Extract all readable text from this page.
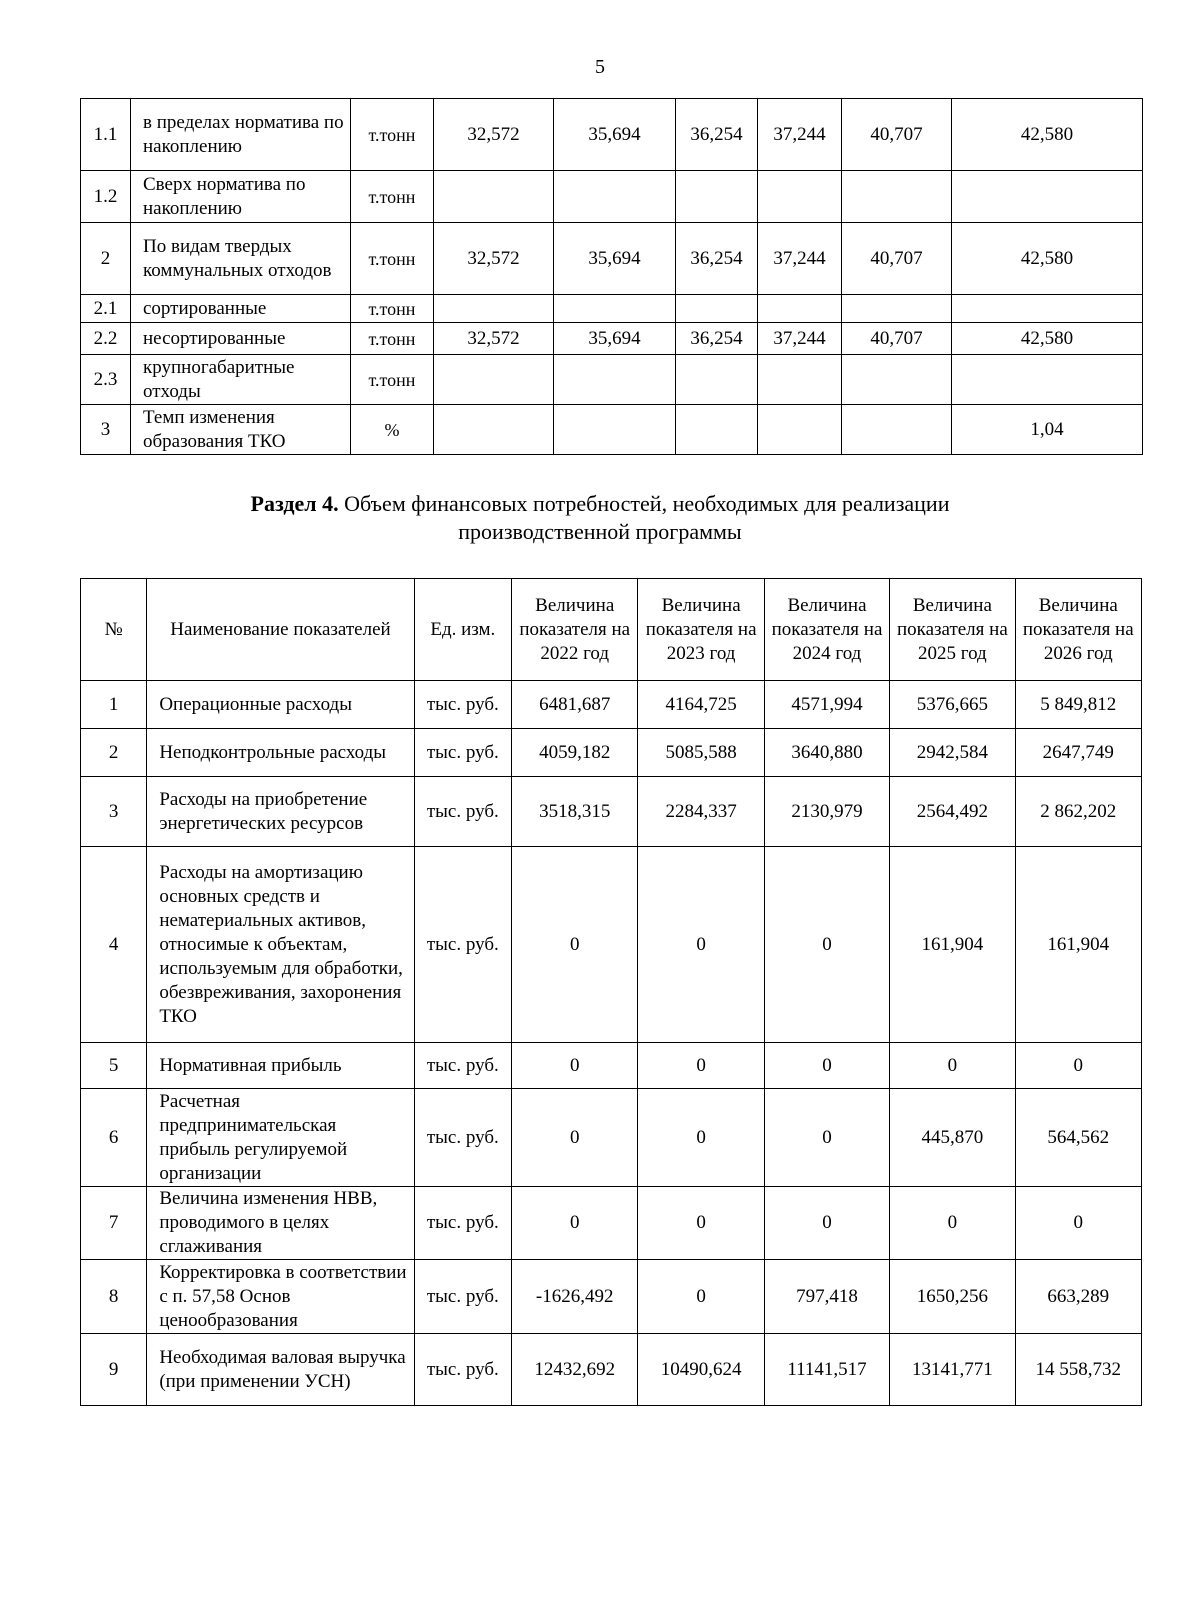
5
1.1	в пределах норматива по накоплению	т.тонн	32,572	35,694	36,254	37,244	40,707	42,580
1.2	Сверх норматива по накоплению	т.тонн						
2	По видам твердых коммунальных отходов	т.тонн	32,572	35,694	36,254	37,244	40,707	42,580
2.1	сортированные	т.тонн						
2.2	несортированные	т.тонн	32,572	35,694	36,254	37,244	40,707	42,580
2.3	крупногабаритные отходы	т.тонн						
3	Темп изменения образования ТКО	%						1,04
Раздел 4. Объем финансовых потребностей, необходимых для реализации
производственной программы
№	Наименование показателей	Ед. изм.	Величина показателя на 2022 год	Величина показателя на 2023 год	Величина показателя на 2024 год	Величина показателя на 2025 год	Величина показателя на 2026 год
1	Операционные расходы	тыс. руб.	6481,687	4164,725	4571,994	5376,665	5 849,812
2	Неподконтрольные расходы	тыс. руб.	4059,182	5085,588	3640,880	2942,584	2647,749
3	Расходы на приобретение энергетических ресурсов	тыс. руб.	3518,315	2284,337	2130,979	2564,492	2 862,202
4	Расходы на амортизацию основных средств и нематериальных активов, относимые к объектам, используемым для обработки, обезвреживания, захоронения ТКО	тыс. руб.	0	0	0	161,904	161,904
5	Нормативная прибыль	тыс. руб.	0	0	0	0	0
6	Расчетная предпринимательская прибыль регулируемой организации	тыс. руб.	0	0	0	445,870	564,562
7	Величина изменения НВВ, проводимого в целях сглаживания	тыс. руб.	0	0	0	0	0
8	Корректировка в соответствии с п. 57,58 Основ ценообразования	тыс. руб.	-1626,492	0	797,418	1650,256	663,289
9	Необходимая валовая выручка (при применении УСН)	тыс. руб.	12432,692	10490,624	11141,517	13141,771	14 558,732
